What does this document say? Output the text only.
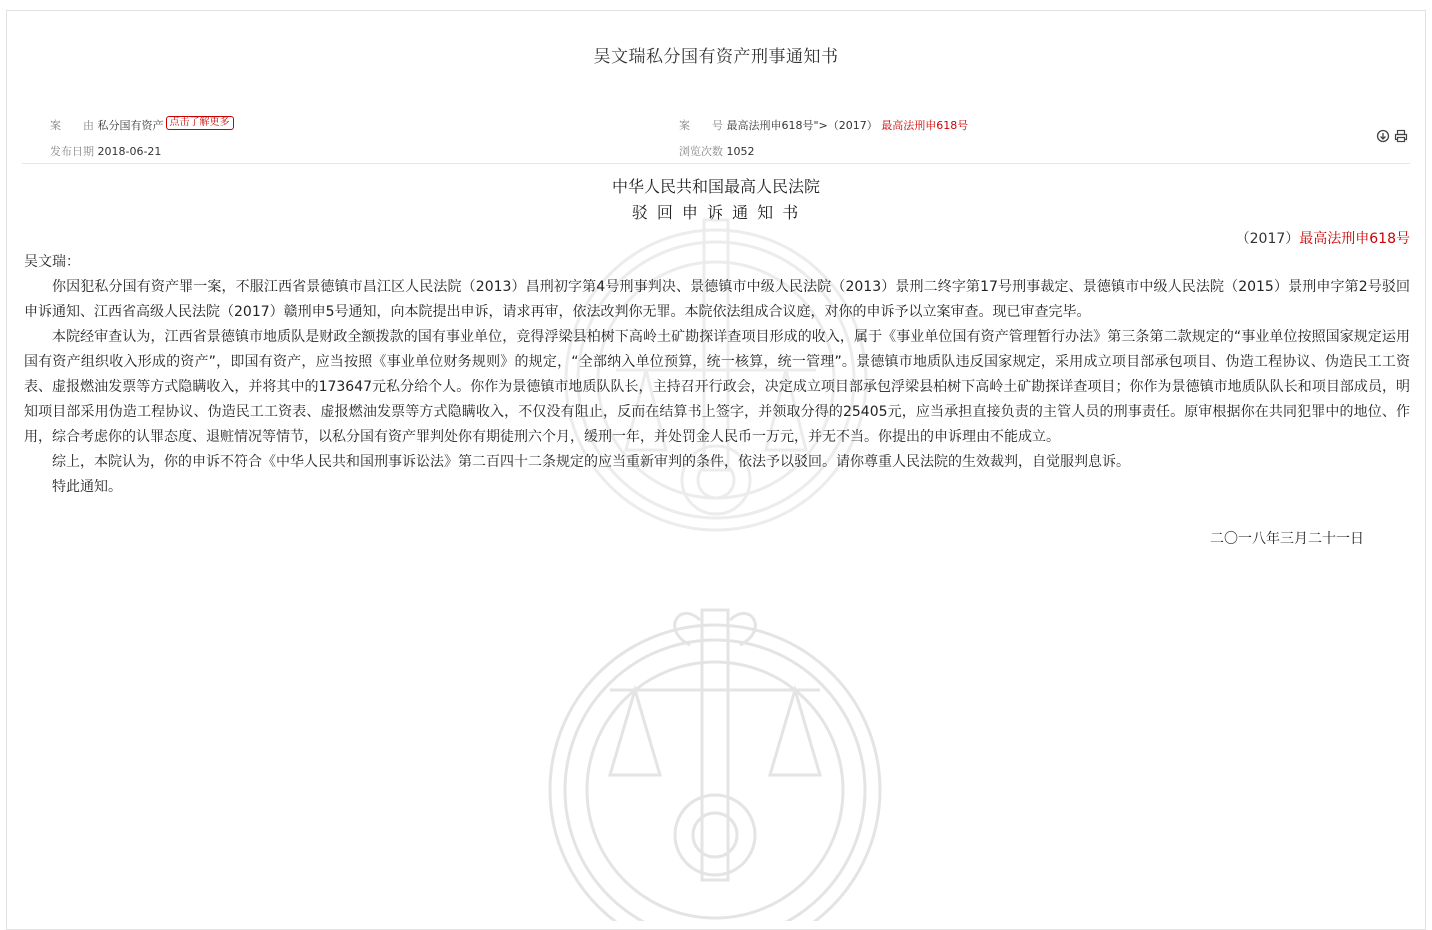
吴文瑞私分国有资产刑事通知书
案　　由 私分国有资产 点击了解更多	案　　号 最高法刑申618号">（2017） 最高法刑申618号
发布日期 2018-06-21	浏览次数 1052
中华人民共和国最高人民法院
驳 回 申 诉 通 知 书
（2017）最高法刑申618号

吴文瑞：

你因犯私分国有资产罪一案，不服江西省景德镇市昌江区人民法院（2013）昌刑初字第4号刑事判决、景德镇市中级人民法院（2013）景刑二终字第17号刑事裁定、景德镇市中级人民法院（2015）景刑申字第2号驳回申诉通知、江西省高级人民法院（2017）赣刑申5号通知，向本院提出申诉，请求再审，依法改判你无罪。本院依法组成合议庭，对你的申诉予以立案审查。现已审查完毕。

本院经审查认为，江西省景德镇市地质队是财政全额拨款的国有事业单位，竞得浮梁县柏树下高岭土矿勘探详查项目形成的收入，属于《事业单位国有资产管理暂行办法》第三条第二款规定的“事业单位按照国家规定运用国有资产组织收入形成的资产”，即国有资产，应当按照《事业单位财务规则》的规定，“全部纳入单位预算，统一核算，统一管理”。景德镇市地质队违反国家规定，采用成立项目部承包项目、伪造工程协议、伪造民工工资表、虚报燃油发票等方式隐瞒收入，并将其中的173647元私分给个人。你作为景德镇市地质队队长，主持召开行政会，决定成立项目部承包浮梁县柏树下高岭土矿勘探详查项目；你作为景德镇市地质队队长和项目部成员，明知项目部采用伪造工程协议、伪造民工工资表、虚报燃油发票等方式隐瞒收入，不仅没有阻止，反而在结算书上签字，并领取分得的25405元，应当承担直接负责的主管人员的刑事责任。原审根据你在共同犯罪中的地位、作用，综合考虑你的认罪态度、退赃情况等情节，以私分国有资产罪判处你有期徒刑六个月，缓刑一年，并处罚金人民币一万元，并无不当。你提出的申诉理由不能成立。

综上，本院认为，你的申诉不符合《中华人民共和国刑事诉讼法》第二百四十二条规定的应当重新审判的条件，依法予以驳回。请你尊重人民法院的生效裁判，自觉服判息诉。

特此通知。

二〇一八年三月二十一日
